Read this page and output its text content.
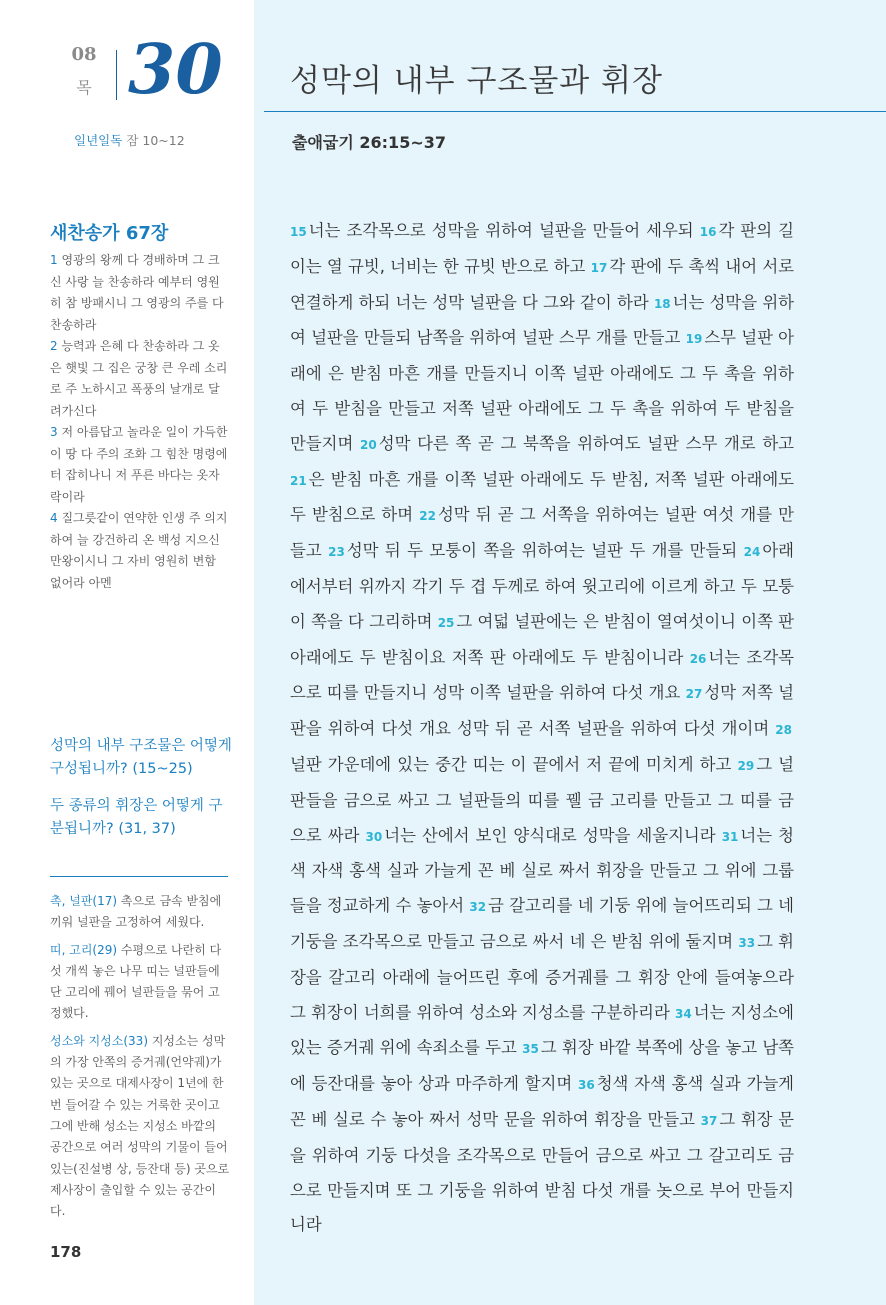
08
목 30
일년일독 잠 10~12
성막의 내부 구조물과 휘장
출애굽기 26:15~37
새찬송가 67장
1 영광의 왕께 다 경배하며 그 크신 사랑 늘 찬송하라 예부터 영원히 참 방패시니 그 영광의 주를 다 찬송하라
2 능력과 은혜 다 찬송하라 그 옷은 햇빛 그 집은 궁창 큰 우레 소리로 주 노하시고 폭풍의 날개로 달려가신다
3 저 아름답고 놀라운 일이 가득한 이 땅 다 주의 조화 그 힘찬 명령에 터 잡히나니 저 푸른 바다는 옷자락이라
4 질그릇같이 연약한 인생 주 의지하여 늘 강건하리 온 백성 지으신 만왕이시니 그 자비 영원히 변함 없어라 아멘
성막의 내부 구조물은 어떻게 구성됩니까? (15~25)
두 종류의 휘장은 어떻게 구분됩니까? (31, 37)
촉, 널판(17) 촉으로 금속 받침에 끼워 널판을 고정하여 세웠다.
띠, 고리(29) 수평으로 나란히 다섯 개씩 놓은 나무 띠는 널판들에 단 고리에 꿰어 널판들을 묶어 고정했다.
성소와 지성소(33) 지성소는 성막의 가장 안쪽의 증거궤(언약궤)가 있는 곳으로 대제사장이 1년에 한 번 들어갈 수 있는 거룩한 곳이고 그에 반해 성소는 지성소 바깥의 공간으로 여러 성막의 기물이 들어 있는(진설병 상, 등잔대 등) 곳으로 제사장이 출입할 수 있는 공간이다.
178
15 너는 조각목으로 성막을 위하여 널판을 만들어 세우되 16 각 판의 길이는 열 규빗, 너비는 한 규빗 반으로 하고 17 각 판에 두 촉씩 내어 서로 연결하게 하되 너는 성막 널판을 다 그와 같이 하라 18 너는 성막을 위하여 널판을 만들되 남쪽을 위하여 널판 스무 개를 만들고 19 스무 널판 아래에 은 받침 마흔 개를 만들지니 이쪽 널판 아래에도 그 두 촉을 위하여 두 받침을 만들고 저쪽 널판 아래에도 그 두 촉을 위하여 두 받침을 만들지며 20 성막 다른 쪽 곧 그 북쪽을 위하여도 널판 스무 개로 하고 21 은 받침 마흔 개를 이쪽 널판 아래에도 두 받침, 저쪽 널판 아래에도 두 받침으로 하며 22 성막 뒤 곧 그 서쪽을 위하여는 널판 여섯 개를 만들고 23 성막 뒤 두 모퉁이 쪽을 위하여는 널판 두 개를 만들되 24 아래에서부터 위까지 각기 두 겹 두께로 하여 윗고리에 이르게 하고 두 모퉁이 쪽을 다 그리하며 25 그 여덟 널판에는 은 받침이 열여섯이니 이쪽 판 아래에도 두 받침이요 저쪽 판 아래에도 두 받침이니라 26 너는 조각목으로 띠를 만들지니 성막 이쪽 널판을 위하여 다섯 개요 27 성막 저쪽 널판을 위하여 다섯 개요 성막 뒤 곧 서쪽 널판을 위하여 다섯 개이며 28널판 가운데에 있는 중간 띠는 이 끝에서 저 끝에 미치게 하고 29 그 널판들을 금으로 싸고 그 널판들의 띠를 꿸 금 고리를 만들고 그 띠를 금으로 싸라 30 너는 산에서 보인 양식대로 성막을 세울지니라 31 너는 청색 자색 홍색 실과 가늘게 꼰 베 실로 짜서 휘장을 만들고 그 위에 그룹들을 정교하게 수 놓아서 32 금 갈고리를 네 기둥 위에 늘어뜨리되 그 네 기둥을 조각목으로 만들고 금으로 싸서 네 은 받침 위에 둘지며 33 그 휘장을 갈고리 아래에 늘어뜨린 후에 증거궤를 그 휘장 안에 들여놓으라 그 휘장이 너희를 위하여 성소와 지성소를 구분하리라 34 너는 지성소에 있는 증거궤 위에 속죄소를 두고 35 그 휘장 바깥 북쪽에 상을 놓고 남쪽에 등잔대를 놓아 상과 마주하게 할지며 36 청색 자색 홍색 실과 가늘게 꼰 베 실로 수 놓아 짜서 성막 문을 위하여 휘장을 만들고 37 그 휘장 문을 위하여 기둥 다섯을 조각목으로 만들어 금으로 싸고 그 갈고리도 금으로 만들지며 또 그 기둥을 위하여 받침 다섯 개를 놋으로 부어 만들지니라
